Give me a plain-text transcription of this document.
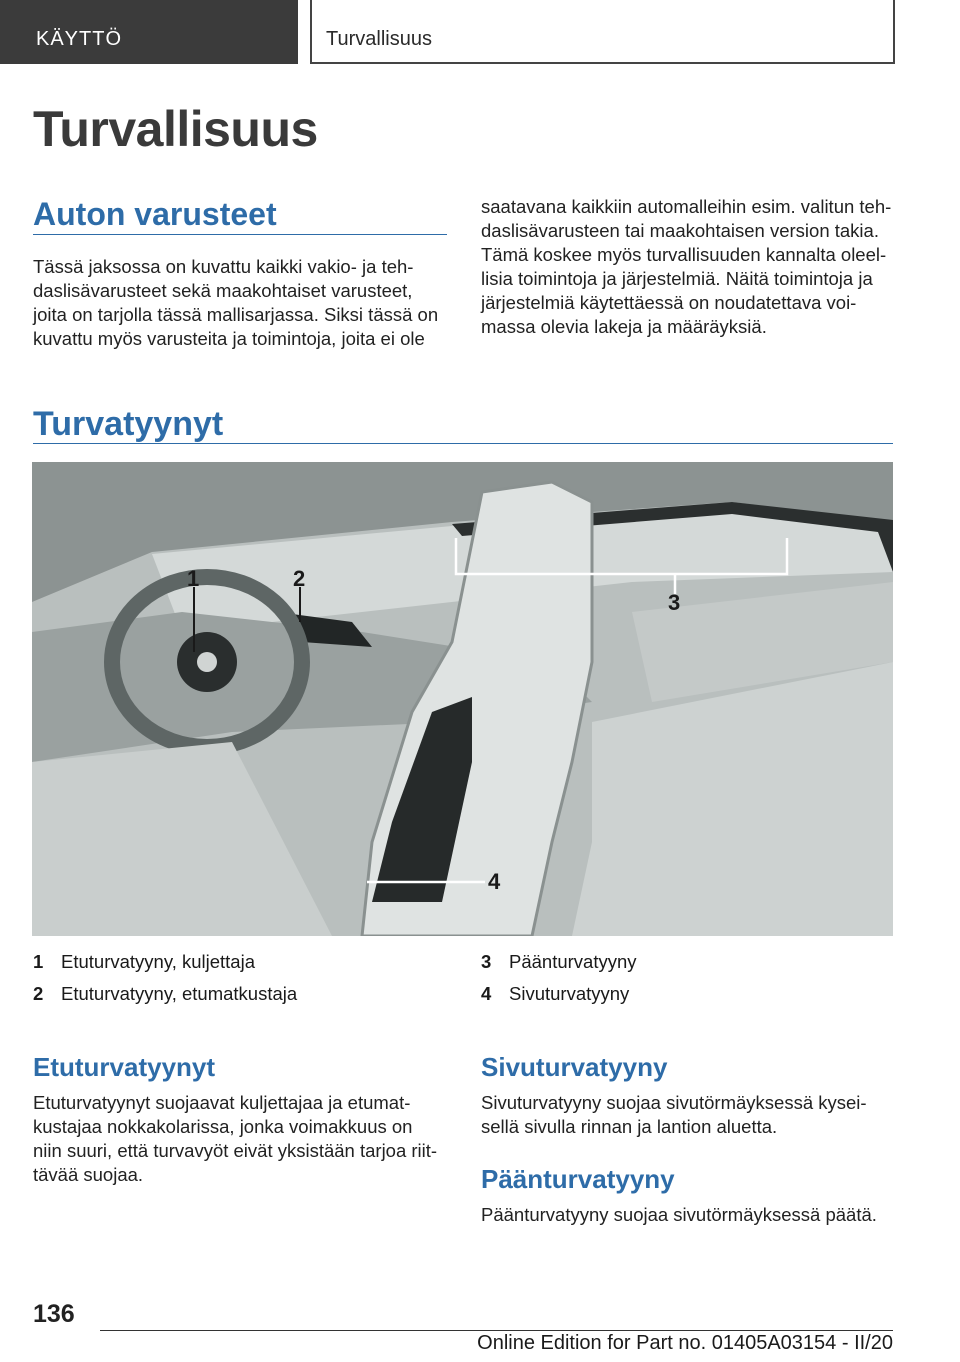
KÄYTTÖ	Turvallisuus
Turvallisuus
Auton varusteet
Tässä jaksossa on kuvattu kaikki vakio- ja teh‐
daslisävarusteet sekä maakohtaiset varusteet,
joita on tarjolla tässä mallisarjassa. Siksi tässä on
kuvattu myös varusteita ja toimintoja, joita ei ole
saatavana kaikkiin automalleihin esim. valitun teh‐
daslisävarusteen tai maakohtaisen version takia.
Tämä koskee myös turvallisuuden kannalta oleel‐
lisia toimintoja ja järjestelmiä. Näitä toimintoja ja
järjestelmiä käytettäessä on noudatettava voi‐
massa olevia lakeja ja määräyksiä.
Turvatyynyt
1	2
3
4
1 Etuturvatyyny, kuljettaja
2 Etuturvatyyny, etumatkustaja
3 Päänturvatyyny
4 Sivuturvatyyny
Etuturvatyynyt
Etuturvatyynyt suojaavat kuljettajaa ja etumat‐
kustajaa nokkakolarissa, jonka voimakkuus on
niin suuri, että turvavyöt eivät yksistään tarjoa riit‐
tävää suojaa.
Sivuturvatyyny
Sivuturvatyyny suojaa sivutörmäyksessä kysei‐
sellä sivulla rinnan ja lantion aluetta.
Päänturvatyyny
Päänturvatyyny suojaa sivutörmäyksessä päätä.
136
Online Edition for Part no. 01405A03154 - II/20
